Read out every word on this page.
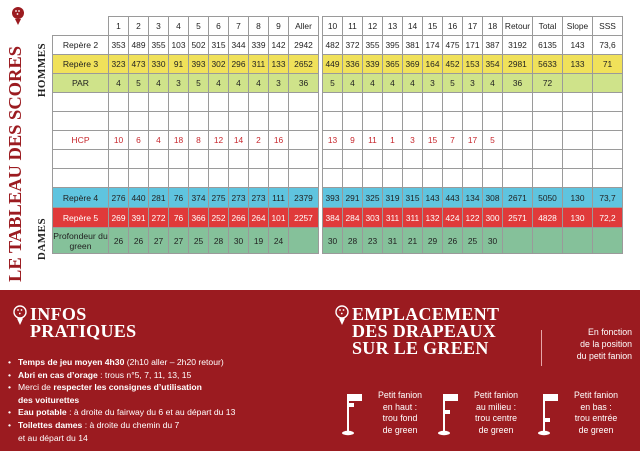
LE TABLEAU DES SCORES HOMMES
DAMES
	1	2	3	4	5	6	7	8	9	Aller		10	11	12	13	14	15	16	17	18	Retour	Total	Slope	SSS
Repère 2	353	489	355	103	502	315	344	339	142	2942		482	372	355	395	381	174	475	171	387	3192	6135	143	73,6
Repère 3	323	473	330	91	393	302	296	311	133	2652		449	336	339	365	369	164	452	153	354	2981	5633	133	71
PAR	4	5	4	3	5	4	4	4	3	36		5	4	4	4	4	3	5	3	4	36	72		

HCP	10	6	4	18	8	12	14	2	16			13	9	11	1	3	15	7	17	5				

Repère 4	276	440	281	76	374	275	273	273	111	2379		393	291	325	319	315	143	443	134	308	2671	5050	130	73,7
Repère 5	269	391	272	76	366	252	266	264	101	2257		384	284	303	311	311	132	424	122	300	2571	4828	130	72,2
Profondeur du green	26	26	27	27	25	28	30	19	24			30	28	23	31	21	29	26	25	30				
INFOS
PRATIQUES
• Temps de jeu moyen 4h30 (2h10 aller – 2h20 retour)
• Abri en cas d’orage : trous n°5, 7, 11, 13, 15
• Merci de respecter les consignes d’utilisation
des voiturettes
• Eau potable : à droite du fairway du 6 et au départ du 13
• Toilettes dames : à droite du chemin du 7
et au départ du 14
EMPLACEMENT
DES DRAPEAUX
SUR LE GREEN
En fonction
de la position
du petit fanion
Petit fanion
en haut :
trou fond
de green
Petit fanion
au milieu :
trou centre
de green
Petit fanion
en bas :
trou entrée
de green
